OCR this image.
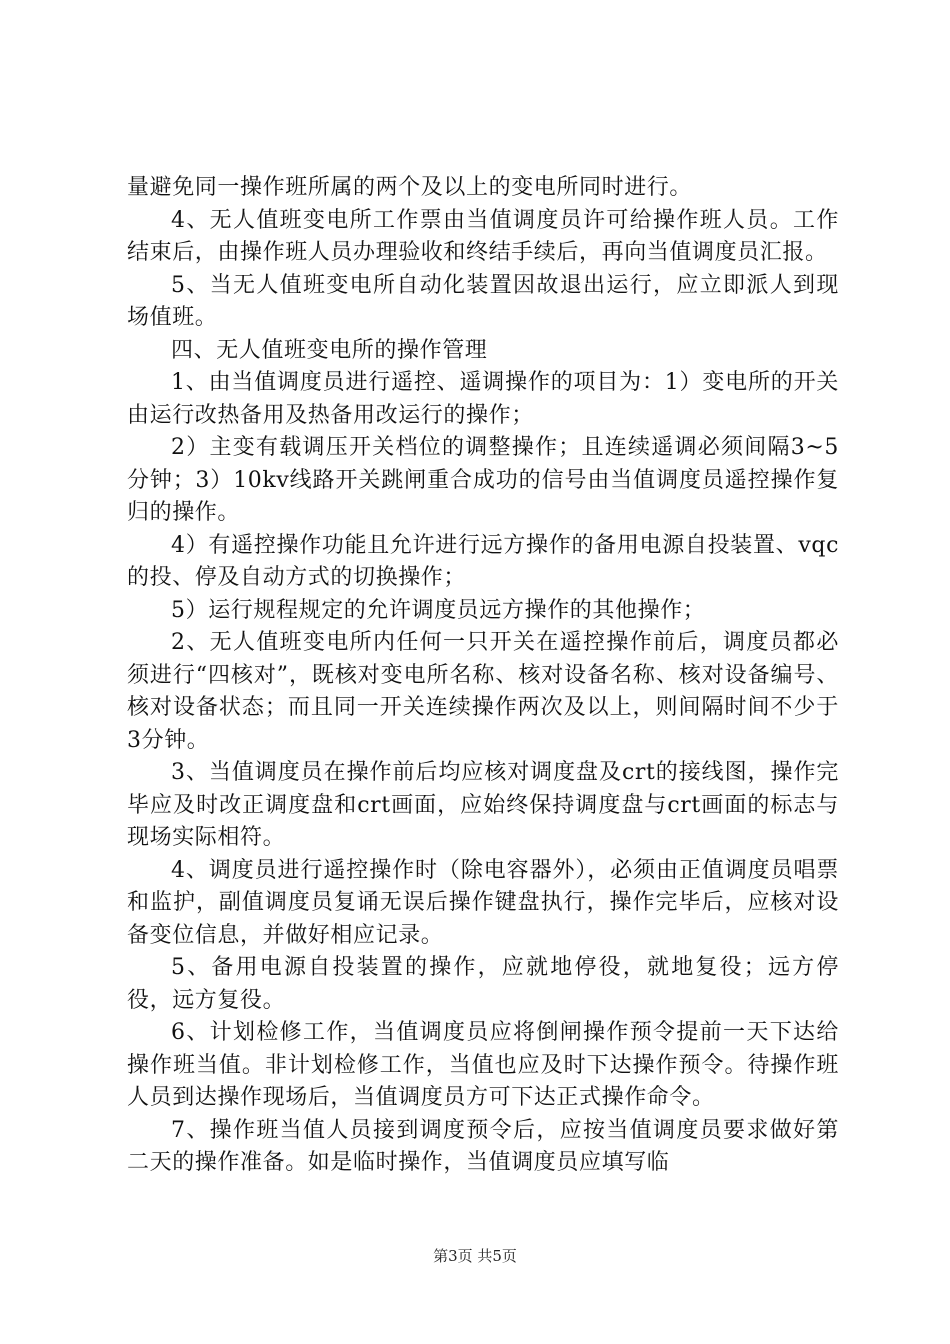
量避免同一操作班所属的两个及以上的变电所同时进行。

4、无人值班变电所工作票由当值调度员许可给操作班人员。工作结束后，由操作班人员办理验收和终结手续后，再向当值调度员汇报。

5、当无人值班变电所自动化装置因故退出运行，应立即派人到现场值班。

四、无人值班变电所的操作管理

1、由当值调度员进行遥控、遥调操作的项目为：1）变电所的开关由运行改热备用及热备用改运行的操作；

2）主变有载调压开关档位的调整操作；且连续遥调必须间隔3~5分钟；3）10kv线路开关跳闸重合成功的信号由当值调度员遥控操作复归的操作。

4）有遥控操作功能且允许进行远方操作的备用电源自投装置、vqc的投、停及自动方式的切换操作；

5）运行规程规定的允许调度员远方操作的其他操作；

2、无人值班变电所内任何一只开关在遥控操作前后，调度员都必须进行“四核对”，既核对变电所名称、核对设备名称、核对设备编号、核对设备状态；而且同一开关连续操作两次及以上，则间隔时间不少于3分钟。

3、当值调度员在操作前后均应核对调度盘及crt的接线图，操作完毕应及时改正调度盘和crt画面，应始终保持调度盘与crt画面的标志与现场实际相符。

4、调度员进行遥控操作时（除电容器外），必须由正值调度员唱票和监护，副值调度员复诵无误后操作键盘执行，操作完毕后，应核对设备变位信息，并做好相应记录。

5、备用电源自投装置的操作，应就地停役，就地复役；远方停役，远方复役。

6、计划检修工作，当值调度员应将倒闸操作预令提前一天下达给操作班当值。非计划检修工作，当值也应及时下达操作预令。待操作班人员到达操作现场后，当值调度员方可下达正式操作命令。

7、操作班当值人员接到调度预令后，应按当值调度员要求做好第二天的操作准备。如是临时操作，当值调度员应填写临

第3页 共5页
